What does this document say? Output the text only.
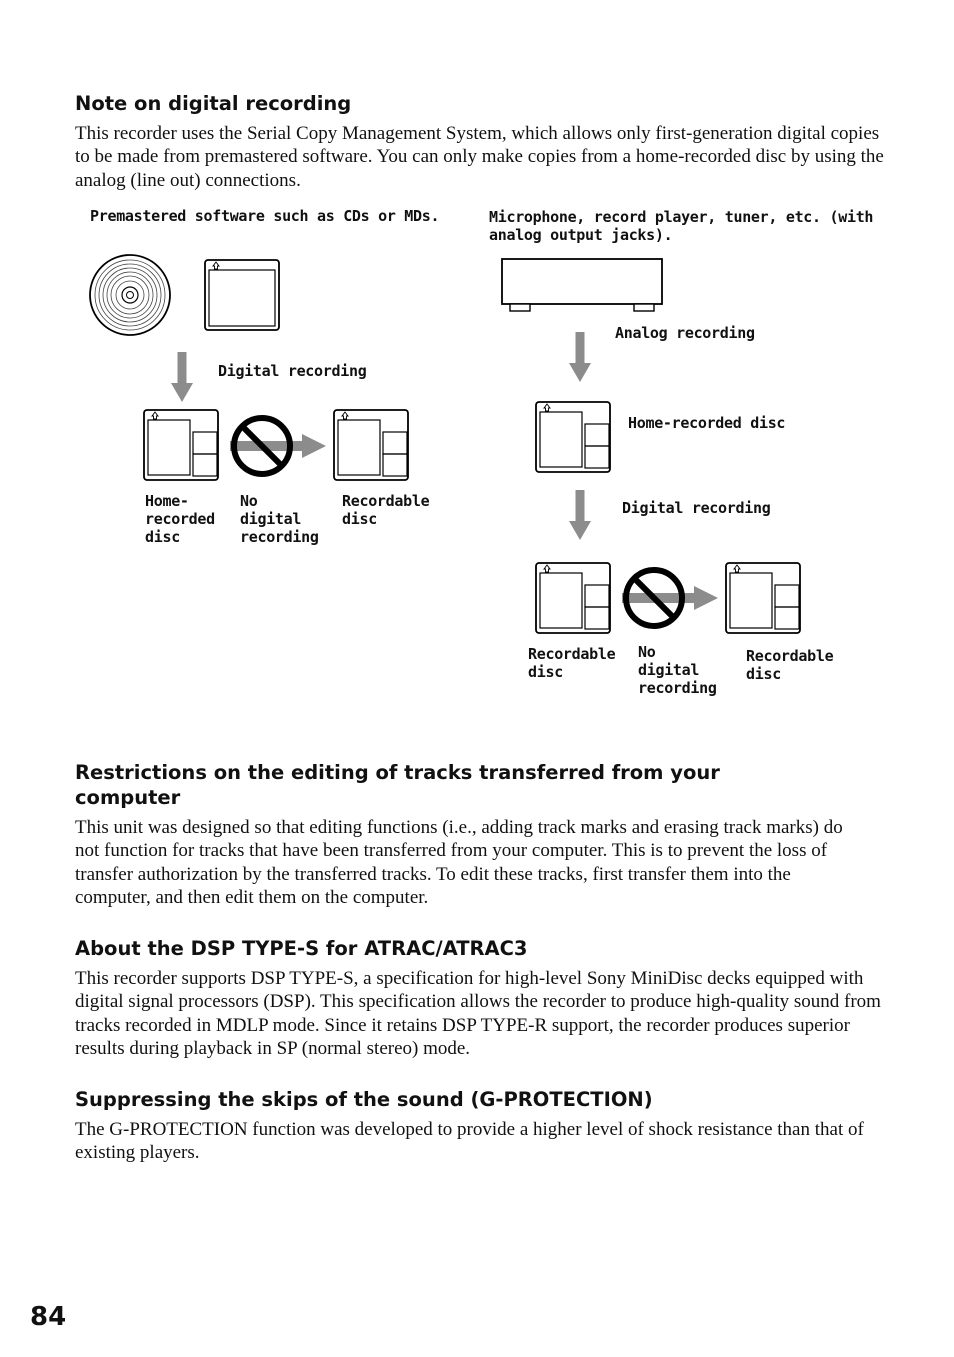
Note on digital recording

This recorder uses the Serial Copy Management System, which allows only first-generation digital copies to be made from premastered software. You can only make copies from a home-recorded disc by using the analog (line out) connections.

Premastered software such as CDs or MDs.
Digital recording
Home-
recorded
disc
No
digital
recording
Recordable
disc
Microphone, record player, tuner, etc. (with
analog output jacks).
Analog recording
Home-recorded disc
Digital recording
Recordable
disc
No
digital
recording
Recordable
disc
Restrictions on the editing of tracks transferred from your
computer

This unit was designed so that editing functions (i.e., adding track marks and erasing track marks) do not function for tracks that have been transferred from your computer. This is to prevent the loss of transfer authorization by the transferred tracks. To edit these tracks, first transfer them into the computer, and then edit them on the computer.

About the DSP TYPE-S for ATRAC/ATRAC3

This recorder supports DSP TYPE-S, a specification for high-level Sony MiniDisc decks equipped with digital signal processors (DSP). This specification allows the recorder to produce high-quality sound from tracks recorded in MDLP mode. Since it retains DSP TYPE-R support, the recorder produces superior results during playback in SP (normal stereo) mode.

Suppressing the skips of the sound (G-PROTECTION)

The G-PROTECTION function was developed to provide a higher level of shock resistance than that of existing players.

84
